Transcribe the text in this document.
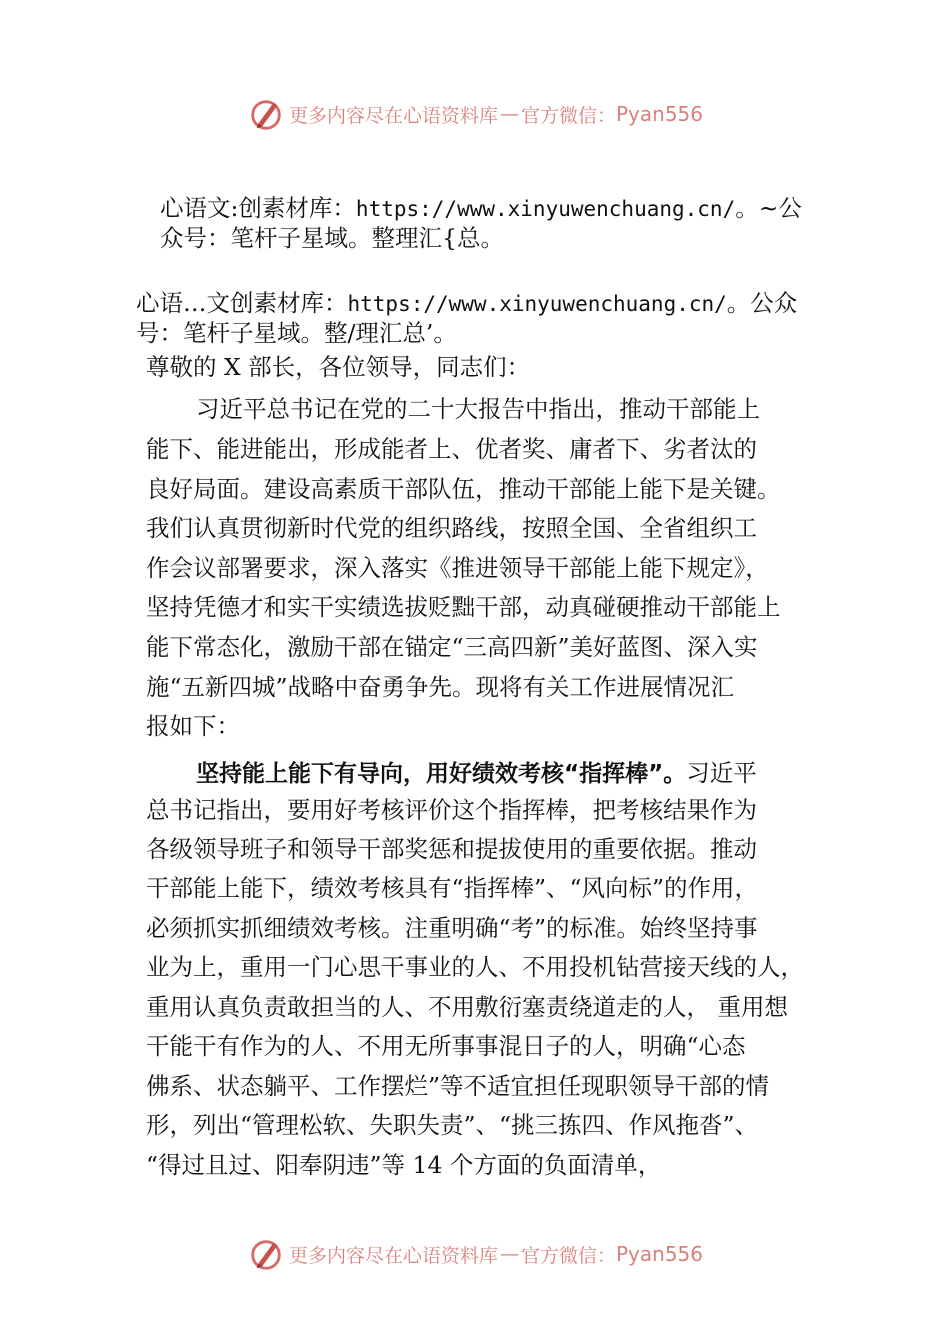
更多内容尽在心语资料库 — 官方微信： Pyan556
心语文:创素材库：https://www.xinyuwenchuang.cn/。~公
众号：笔杆子星域。整理汇{总。
心语…文创素材库：https://www.xinyuwenchuang.cn/。公众
号：笔杆子星域。整/理汇总’。
尊敬的 X 部长，各位领导，同志们：
习近平总书记在党的二十大报告中指出，推动干部能上
能下、能进能出，形成能者上、优者奖、庸者下、劣者汰的
良好局面。建设高素质干部队伍，推动干部能上能下是关键。
我们认真贯彻新时代党的组织路线，按照全国、全省组织工
作会议部署要求，深入落实《推进领导干部能上能下规定》，
坚持凭德才和实干实绩选拔贬黜干部，动真碰硬推动干部能上
能下常态化，激励干部在锚定“三高四新”美好蓝图、深入实
施“五新四城”战略中奋勇争先。现将有关工作进展情况汇
报如下：
坚持能上能下有导向，用好绩效考核“指挥棒”。习近平
总书记指出，要用好考核评价这个指挥棒，把考核结果作为
各级领导班子和领导干部奖惩和提拔使用的重要依据。推动
干部能上能下，绩效考核具有“指挥棒”、“风向标”的作用，
必须抓实抓细绩效考核。注重明确“考”的标准。始终坚持事
业为上，重用一门心思干事业的人、不用投机钻营接天线的人，
重用认真负责敢担当的人、不用敷衍塞责绕道走的人， 重用想
干能干有作为的人、不用无所事事混日子的人，明确“心态
佛系、状态躺平、工作摆烂”等不适宜担任现职领导干部的情
形，列出“管理松软、失职失责”、“挑三拣四、作风拖沓”、
“得过且过、阳奉阴违”等 14 个方面的负面清单，
更多内容尽在心语资料库 — 官方微信： Pyan556
